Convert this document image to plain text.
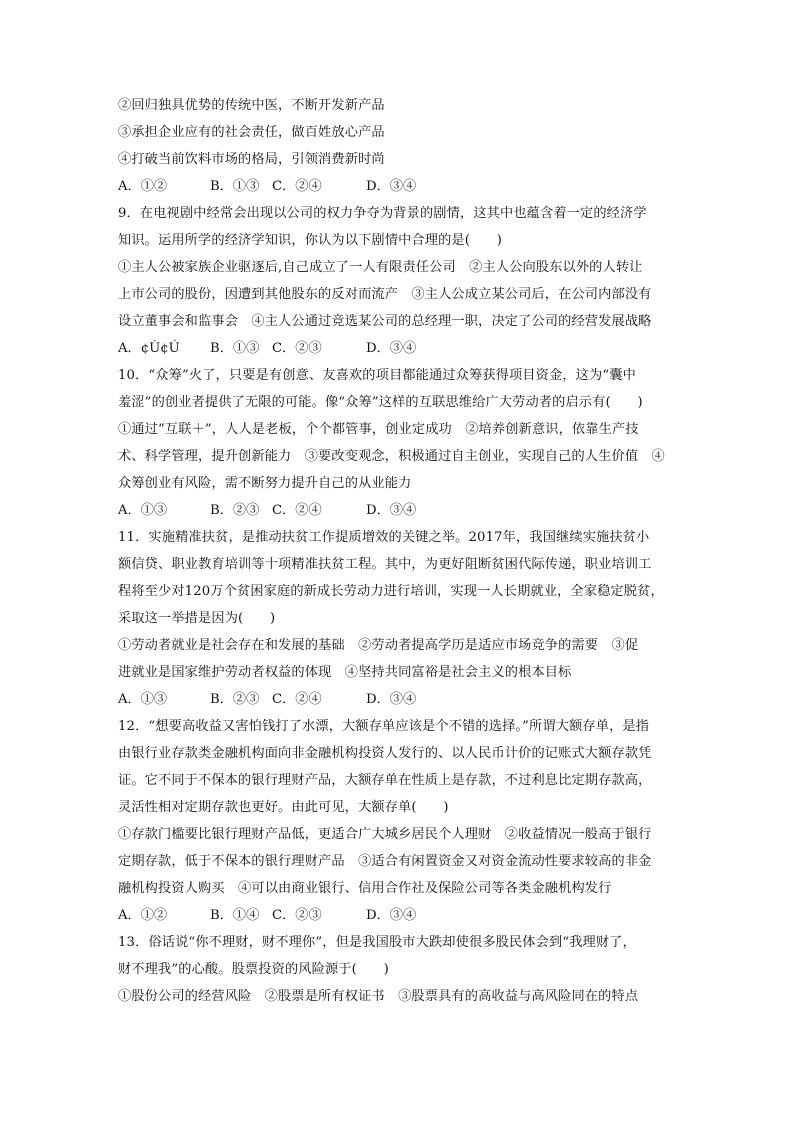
②回归独具优势的传统中医，不断开发新产品
③承担企业应有的社会责任，做百姓放心产品
④打破当前饮料市场的格局，引领消费新时尚
A．①②	B．①③ C．②④	D．③④
9．在电视剧中经常会出现以公司的权力争夺为背景的剧情，这其中也蕴含着一定的经济学
知识。运用所学的经济学知识，你认为以下剧情中合理的是(　　)
①主人公被家族企业驱逐后,自己成立了一人有限责任公司　②主人公向股东以外的人转让
上市公司的股份，因遭到其他股东的反对而流产　③主人公成立某公司后，在公司内部没有
设立董事会和监事会　④主人公通过竞选某公司的总经理一职，决定了公司的经营发展战略
A．¢Ù¢Ú	B．①③ C．②③	D．③④
10．“众筹”火了，只要是有创意、友喜欢的项目都能通过众筹获得项目资金，这为“囊中
羞涩”的创业者提供了无限的可能。像“众筹”这样的互联思维给广大劳动者的启示有(　　)
①通过“互联＋”，人人是老板，个个都管事，创业定成功　②培养创新意识，依靠生产技
术、科学管理，提升创新能力　③要改变观念，积极通过自主创业，实现自己的人生价值　④
众筹创业有风险，需不断努力提升自己的从业能力
A．①③	B．②③ C．②④	D．③④
11．实施精准扶贫，是推动扶贫工作提质增效的关键之举。2017年，我国继续实施扶贫小
额信贷、职业教育培训等十项精准扶贫工程。其中，为更好阻断贫困代际传递，职业培训工
程将至少对120万个贫困家庭的新成长劳动力进行培训，实现一人长期就业，全家稳定脱贫，
采取这一举措是因为(　　)
①劳动者就业是社会存在和发展的基础　②劳动者提高学历是适应市场竞争的需要　③促
进就业是国家维护劳动者权益的体现　④坚持共同富裕是社会主义的根本目标
A．①③	B．②③ C．②④	D．③④
12．“想要高收益又害怕钱打了水漂，大额存单应该是个不错的选择。”所谓大额存单，是指
由银行业存款类金融机构面向非金融机构投资人发行的、以人民币计价的记账式大额存款凭
证。它不同于不保本的银行理财产品，大额存单在性质上是存款，不过利息比定期存款高，
灵活性相对定期存款也更好。由此可见，大额存单(　　)
①存款门槛要比银行理财产品低，更适合广大城乡居民个人理财　②收益情况一般高于银行
定期存款，低于不保本的银行理财产品　③适合有闲置资金又对资金流动性要求较高的非金
融机构投资人购买　④可以由商业银行、信用合作社及保险公司等各类金融机构发行
A．①②	B．①④ C．②③	D．③④
13．俗话说“你不理财，财不理你”，但是我国股市大跌却使很多股民体会到“我理财了，
财不理我”的心酸。股票投资的风险源于(　　)
①股份公司的经营风险　②股票是所有权证书　③股票具有的高收益与高风险同在的特点
